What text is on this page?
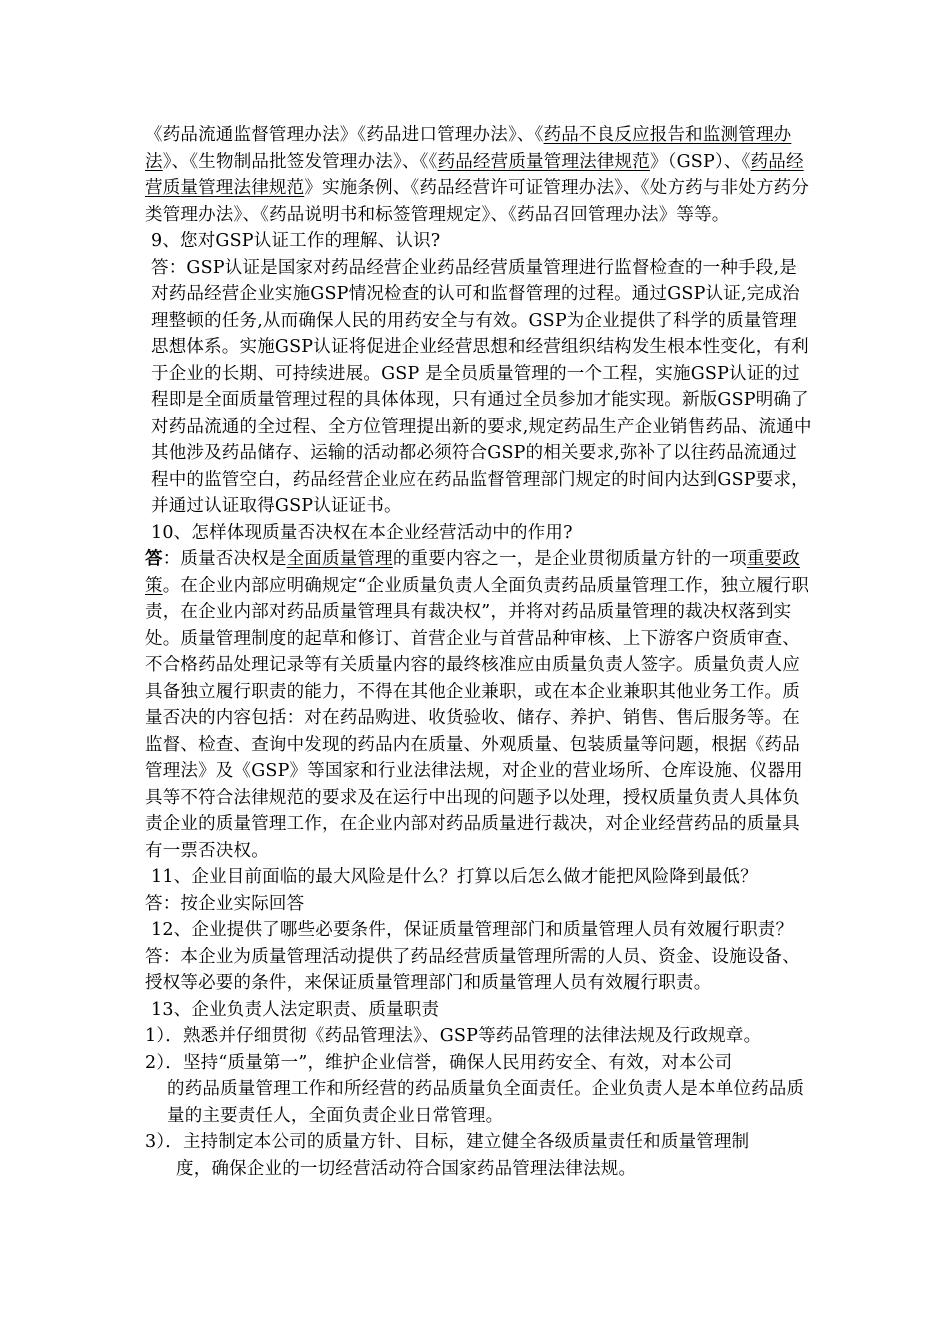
《药品流通监督管理办法》《药品进口管理办法》、《药品不良反应报告和监测管理办法》、《生物制品批签发管理办法》、《《药品经营质量管理法律规范》（GSP）、《药品经营质量管理法律规范》实施条例、《药品经营许可证管理办法》、《处方药与非处方药分类管理办法》、《药品说明书和标签管理规定》、《药品召回管理办法》等等。

9、您对GSP认证工作的理解、认识?

答：GSP认证是国家对药品经营企业药品经营质量管理进行监督检查的一种手段,是对药品经营企业实施GSP情况检查的认可和监督管理的过程。通过GSP认证,完成治理整顿的任务,从而确保人民的用药安全与有效。GSP为企业提供了科学的质量管理思想体系。实施GSP认证将促进企业经营思想和经营组织结构发生根本性变化，有利于企业的长期、可持续进展。GSP 是全员质量管理的一个工程，实施GSP认证的过程即是全面质量管理过程的具体体现，只有通过全员参加才能实现。新版GSP明确了对药品流通的全过程、全方位管理提出新的要求,规定药品生产企业销售药品、流通中其他涉及药品储存、运输的活动都必须符合GSP的相关要求,弥补了以往药品流通过程中的监管空白，药品经营企业应在药品监督管理部门规定的时间内达到GSP要求，并通过认证取得GSP认证证书。

10、怎样体现质量否决权在本企业经营活动中的作用?

答：质量否决权是全面质量管理的重要内容之一，是企业贯彻质量方针的一项重要政策。在企业内部应明确规定“企业质量负责人全面负责药品质量管理工作，独立履行职责，在企业内部对药品质量管理具有裁决权”，并将对药品质量管理的裁决权落到实处。质量管理制度的起草和修订、首营企业与首营品种审核、上下游客户资质审查、不合格药品处理记录等有关质量内容的最终核准应由质量负责人签字。质量负责人应具备独立履行职责的能力，不得在其他企业兼职，或在本企业兼职其他业务工作。质量否决的内容包括：对在药品购进、收货验收、储存、养护、销售、售后服务等。在监督、检查、查询中发现的药品内在质量、外观质量、包装质量等问题，根据《药品管理法》及《GSP》等国家和行业法律法规，对企业的营业场所、仓库设施、仪器用具等不符合法律规范的要求及在运行中出现的问题予以处理，授权质量负责人具体负责企业的质量管理工作，在企业内部对药品质量进行裁决，对企业经营药品的质量具有一票否决权。

11、企业目前面临的最大风险是什么？打算以后怎么做才能把风险降到最低？

答：按企业实际回答

12、企业提供了哪些必要条件，保证质量管理部门和质量管理人员有效履行职责？

答：本企业为质量管理活动提供了药品经营质量管理所需的人员、资金、设施设备、授权等必要的条件，来保证质量管理部门和质量管理人员有效履行职责。

13、企业负责人法定职责、质量职责

1）．熟悉并仔细贯彻《药品管理法》、GSP等药品管理的法律法规及行政规章。

2）．坚持“质量第一”，维护企业信誉，确保人民用药安全、有效，对本公司

的药品质量管理工作和所经营的药品质量负全面责任。企业负责人是本单位药品质量的主要责任人，全面负责企业日常管理。

3）．主持制定本公司的质量方针、目标，建立健全各级质量责任和质量管理制

度，确保企业的一切经营活动符合国家药品管理法律法规。
